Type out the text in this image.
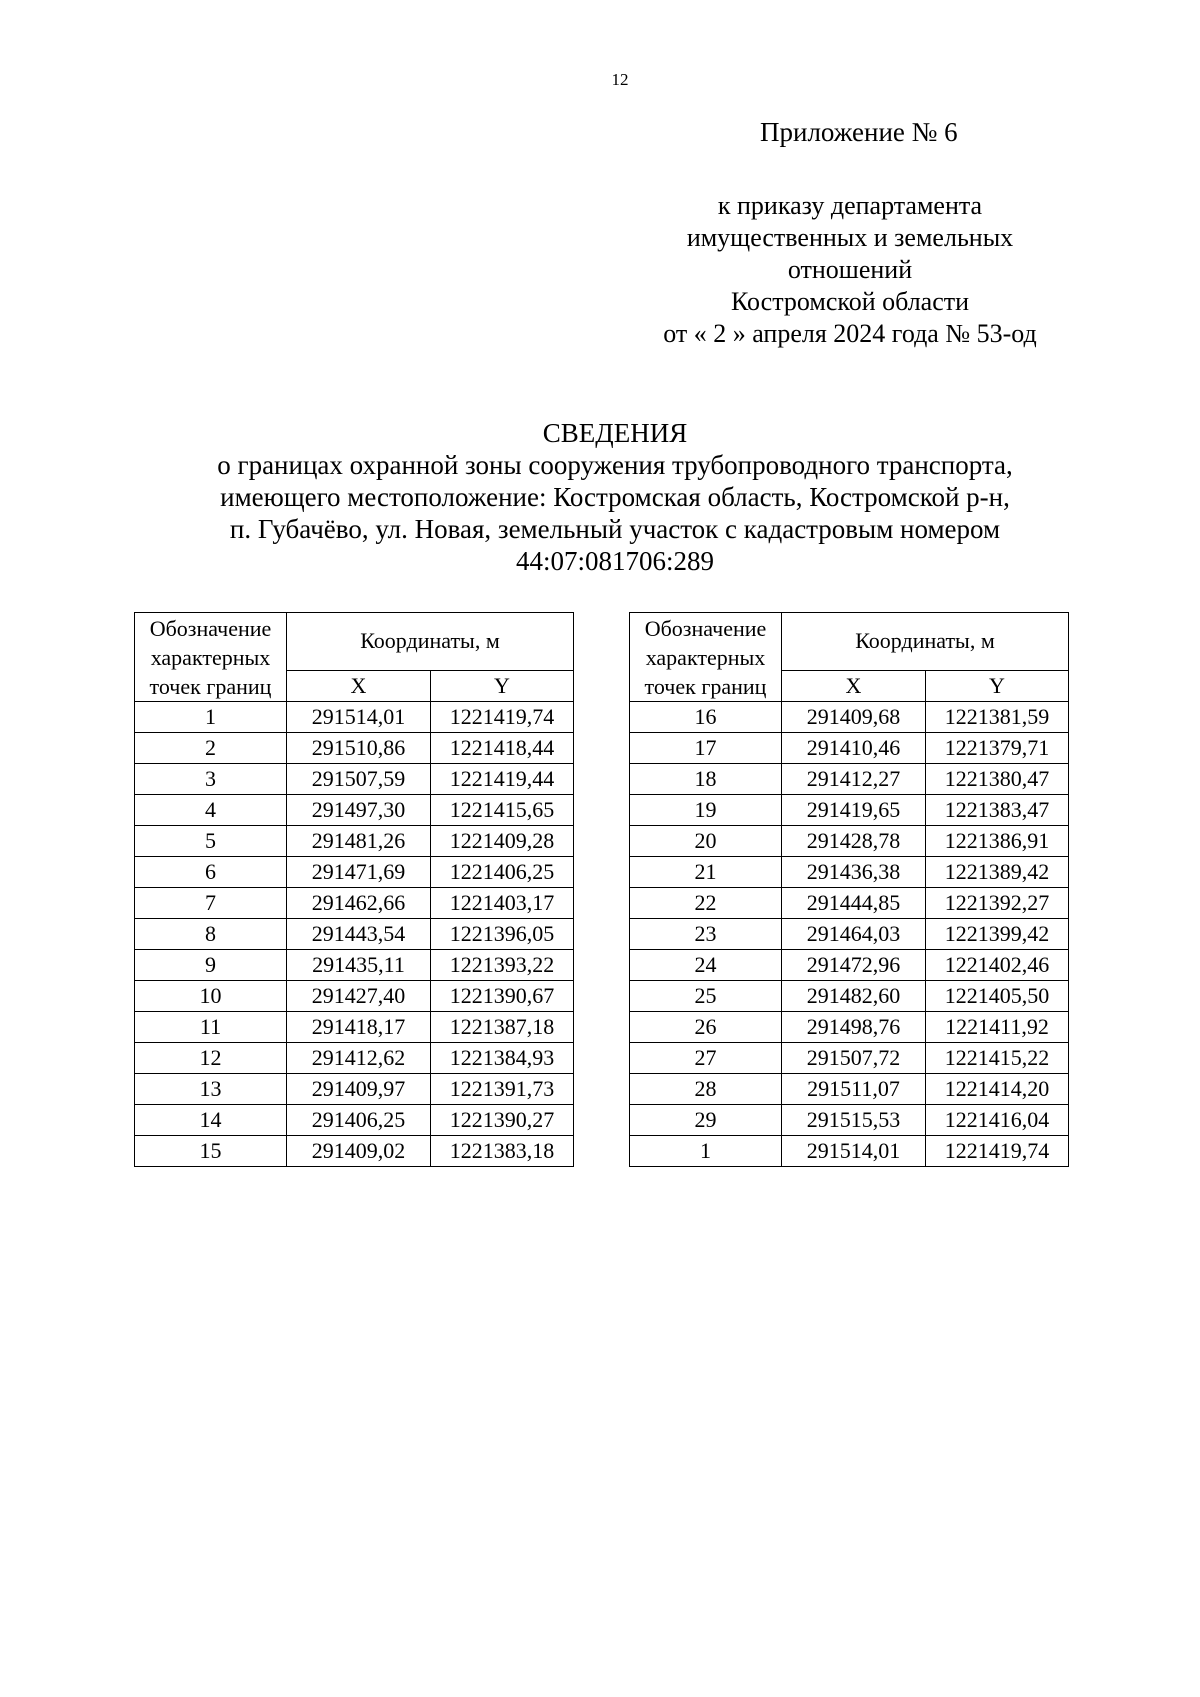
12
Приложение № 6
к приказу департамента
имущественных и земельных
отношений
Костромской области
от « 2 » апреля 2024 года № 53-од
СВЕДЕНИЯ
о границах охранной зоны сооружения трубопроводного транспорта,
имеющего местоположение: Костромская область, Костромской р-н,
п. Губачёво, ул. Новая, земельный участок с кадастровым номером
44:07:081706:289
Обозначение
характерных
точек границ	Координаты, м	
	X	Y
1	291514,01	1221419,74
2	291510,86	1221418,44
3	291507,59	1221419,44
4	291497,30	1221415,65
5	291481,26	1221409,28
6	291471,69	1221406,25
7	291462,66	1221403,17
8	291443,54	1221396,05
9	291435,11	1221393,22
10	291427,40	1221390,67
11	291418,17	1221387,18
12	291412,62	1221384,93
13	291409,97	1221391,73
14	291406,25	1221390,27
15	291409,02	1221383,18
Обозначение
характерных
точек границ	Координаты, м	
	X	Y
16	291409,68	1221381,59
17	291410,46	1221379,71
18	291412,27	1221380,47
19	291419,65	1221383,47
20	291428,78	1221386,91
21	291436,38	1221389,42
22	291444,85	1221392,27
23	291464,03	1221399,42
24	291472,96	1221402,46
25	291482,60	1221405,50
26	291498,76	1221411,92
27	291507,72	1221415,22
28	291511,07	1221414,20
29	291515,53	1221416,04
1	291514,01	1221419,74
